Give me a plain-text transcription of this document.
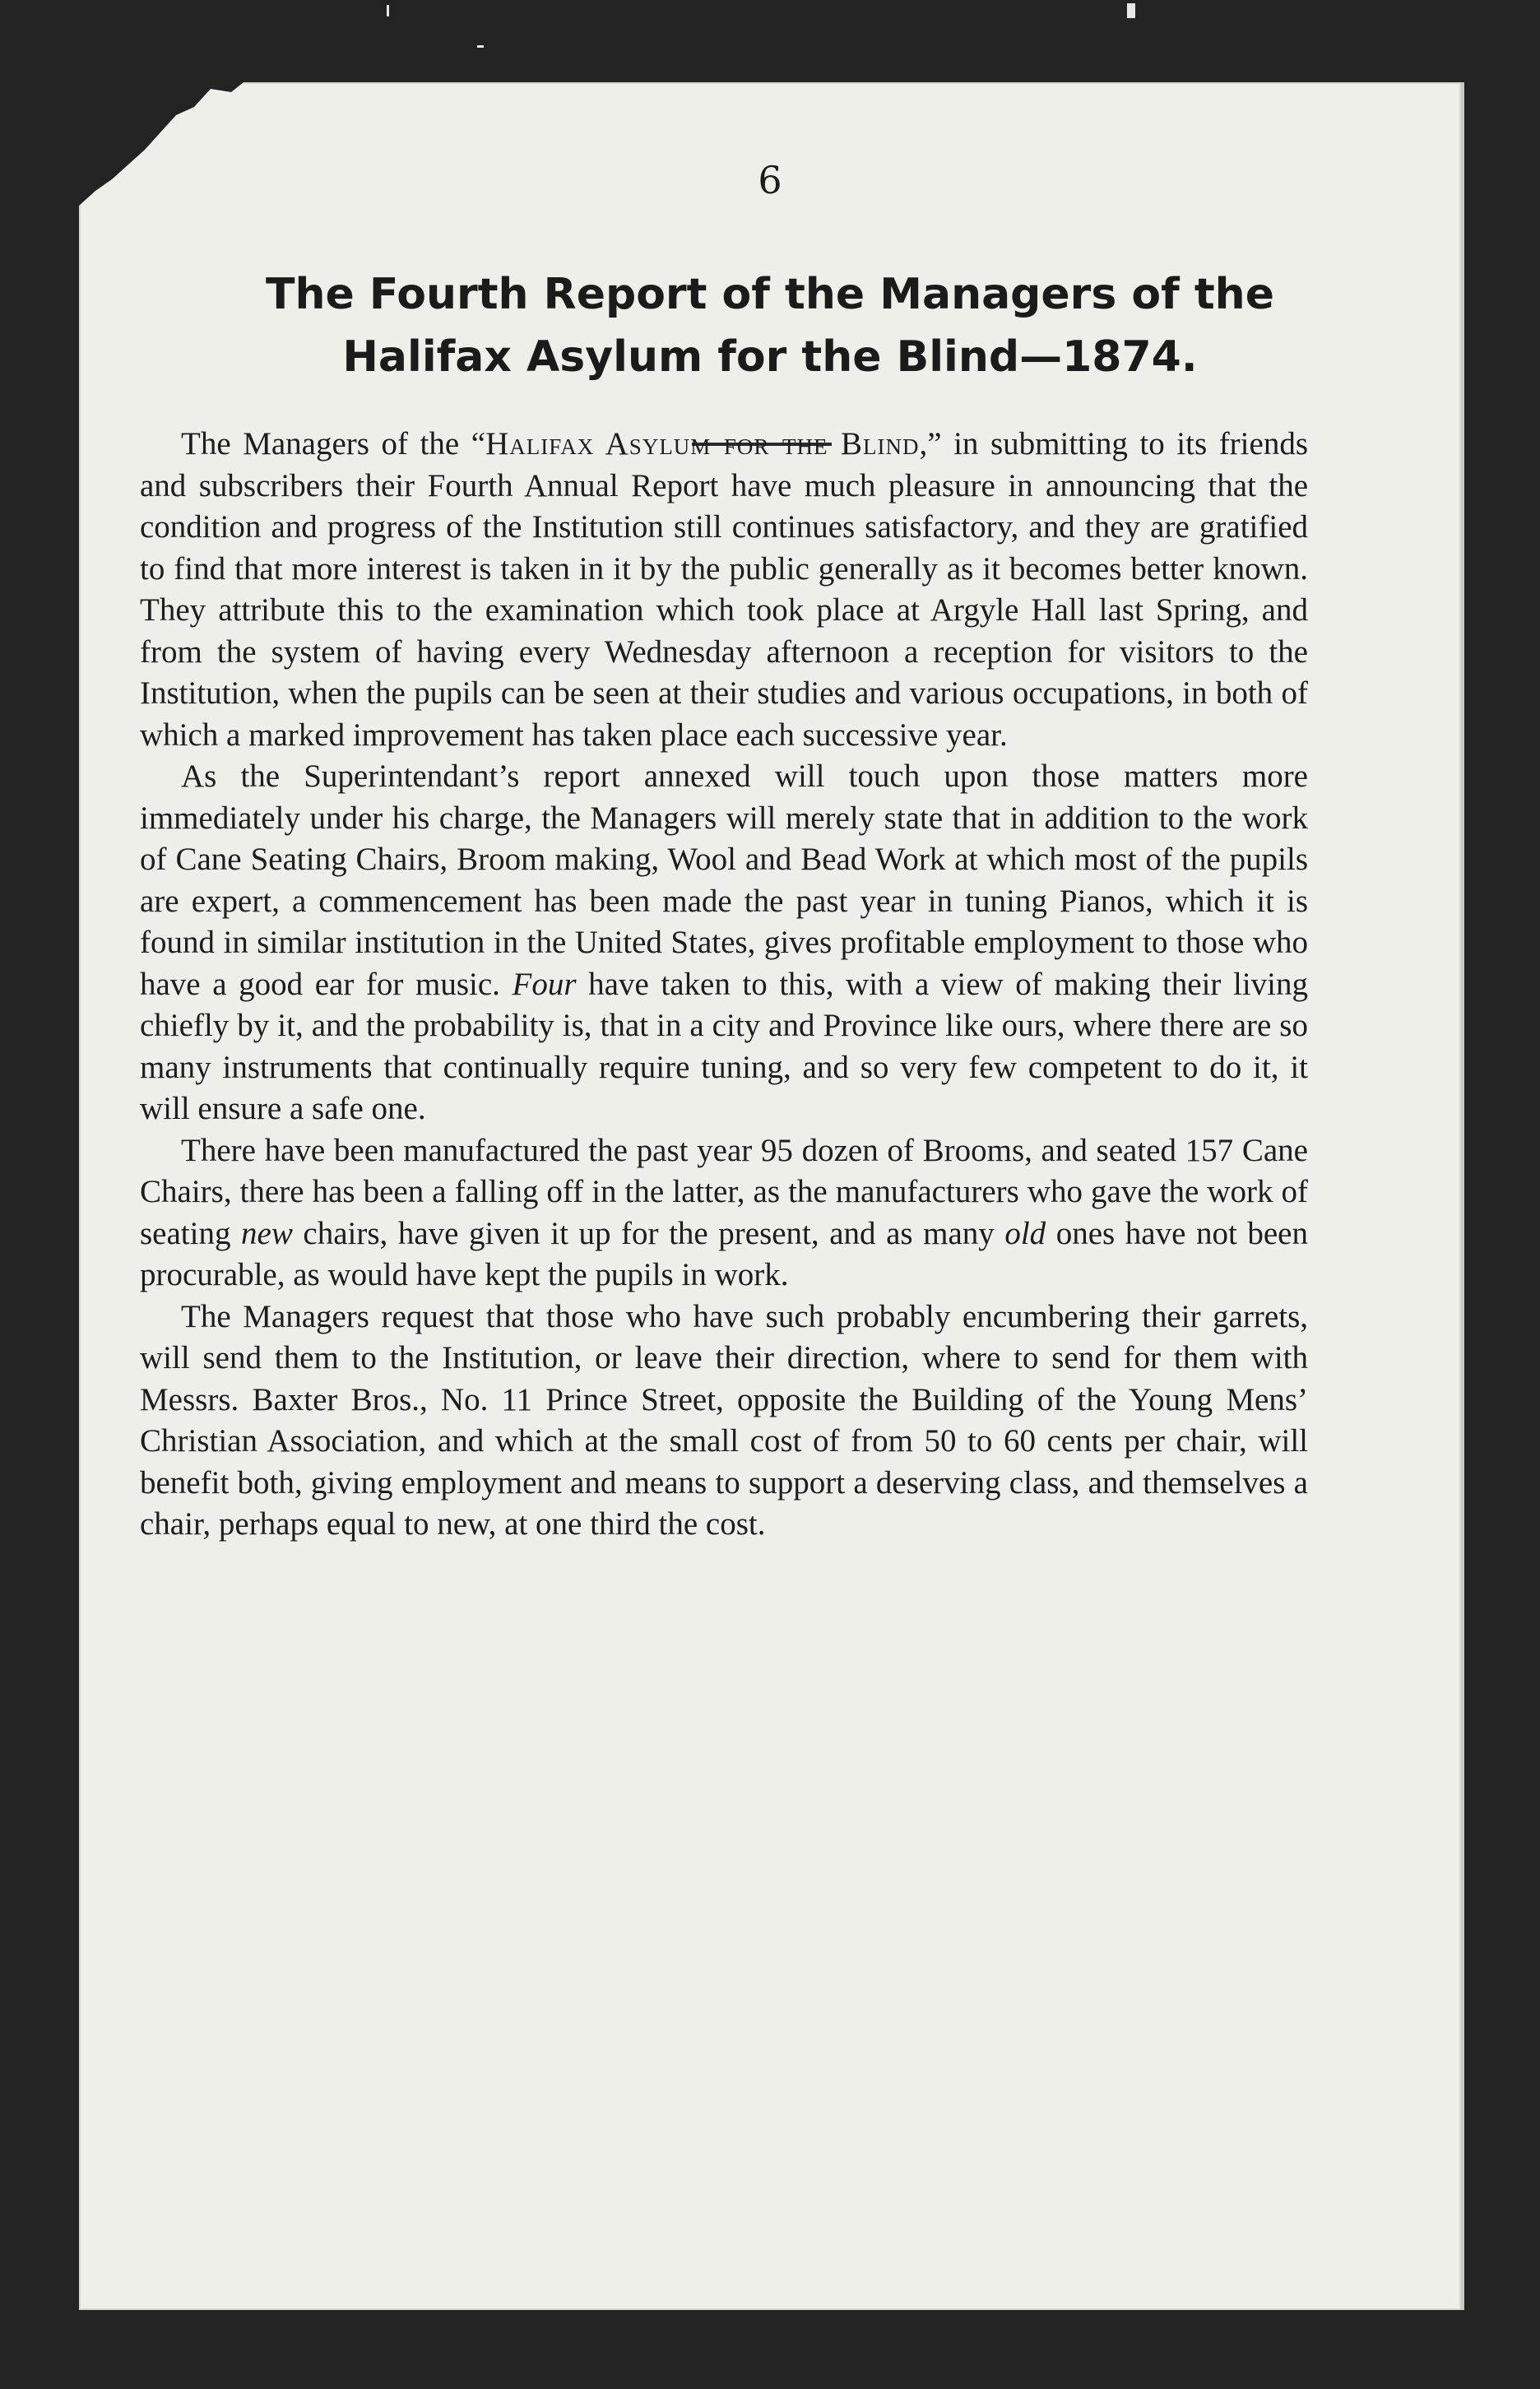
6
The Fourth Report of the Managers of the
Halifax Asylum for the Blind—1874.

The Managers of the “Halifax Asylum for the Blind,” in submitting to its friends and subscribers their Fourth Annual Report have much pleasure in announcing that the condition and progress of the Institution still continues satisfactory, and they are gratified to find that more interest is taken in it by the public generally as it becomes better known. They attribute this to the examination which took place at Argyle Hall last Spring, and from the system of having every Wednesday afternoon a reception for visitors to the Institution, when the pupils can be seen at their studies and various occupations, in both of which a marked improvement has taken place each successive year.

As the Superintendant’s report annexed will touch upon those matters more immediately under his charge, the Managers will merely state that in addition to the work of Cane Seating Chairs, Broom making, Wool and Bead Work at which most of the pupils are expert, a commencement has been made the past year in tuning Pianos, which it is found in similar institution in the United States, gives profitable employment to those who have a good ear for music. Four have taken to this, with a view of making their living chiefly by it, and the probability is, that in a city and Province like ours, where there are so many instruments that continually require tuning, and so very few competent to do it, it will ensure a safe one.

There have been manufactured the past year 95 dozen of Brooms, and seated 157 Cane Chairs, there has been a falling off in the latter, as the manufacturers who gave the work of seating new chairs, have given it up for the present, and as many old ones have not been procurable, as would have kept the pupils in work.

The Managers request that those who have such probably encumbering their garrets, will send them to the Institution, or leave their direction, where to send for them with Messrs. Baxter Bros., No. 11 Prince Street, opposite the Building of the Young Mens’ Christian Association, and which at the small cost of from 50 to 60 cents per chair, will benefit both, giving employment and means to support a deserving class, and themselves a chair, perhaps equal to new, at one third the cost.
